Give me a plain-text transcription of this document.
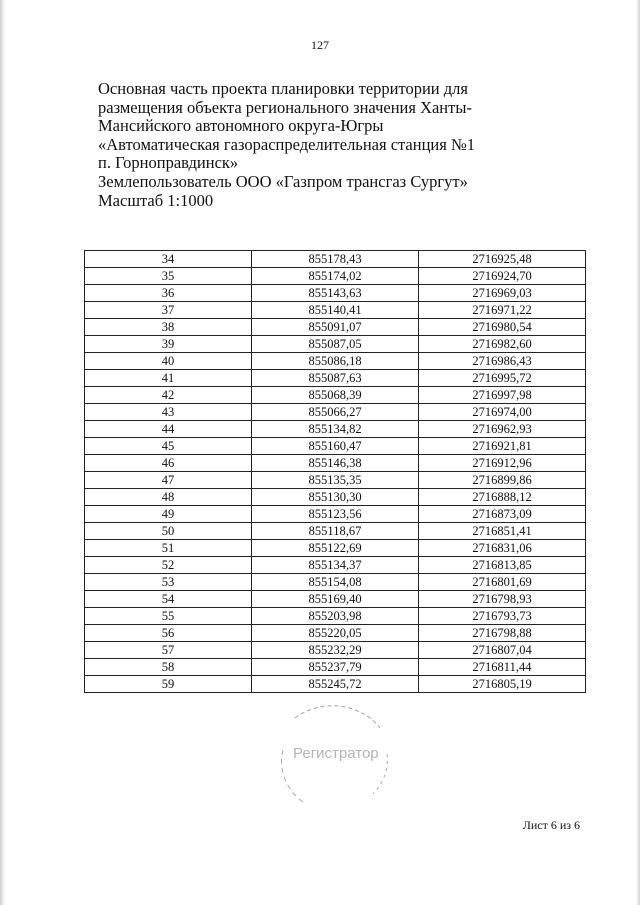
127
Основная часть проекта планировки территории для
размещения объекта регионального значения Ханты-
Мансийского автономного округа-Югры
«Автоматическая газораспределительная станция №1
п. Горноправдинск»
Землепользователь ООО «Газпром трансгаз Сургут»
Масштаб 1:1000
34	855178,43	2716925,48
35	855174,02	2716924,70
36	855143,63	2716969,03
37	855140,41	2716971,22
38	855091,07	2716980,54
39	855087,05	2716982,60
40	855086,18	2716986,43
41	855087,63	2716995,72
42	855068,39	2716997,98
43	855066,27	2716974,00
44	855134,82	2716962,93
45	855160,47	2716921,81
46	855146,38	2716912,96
47	855135,35	2716899,86
48	855130,30	2716888,12
49	855123,56	2716873,09
50	855118,67	2716851,41
51	855122,69	2716831,06
52	855134,37	2716813,85
53	855154,08	2716801,69
54	855169,40	2716798,93
55	855203,98	2716793,73
56	855220,05	2716798,88
57	855232,29	2716807,04
58	855237,79	2716811,44
59	855245,72	2716805,19
Регистратор
Лист 6 из 6
